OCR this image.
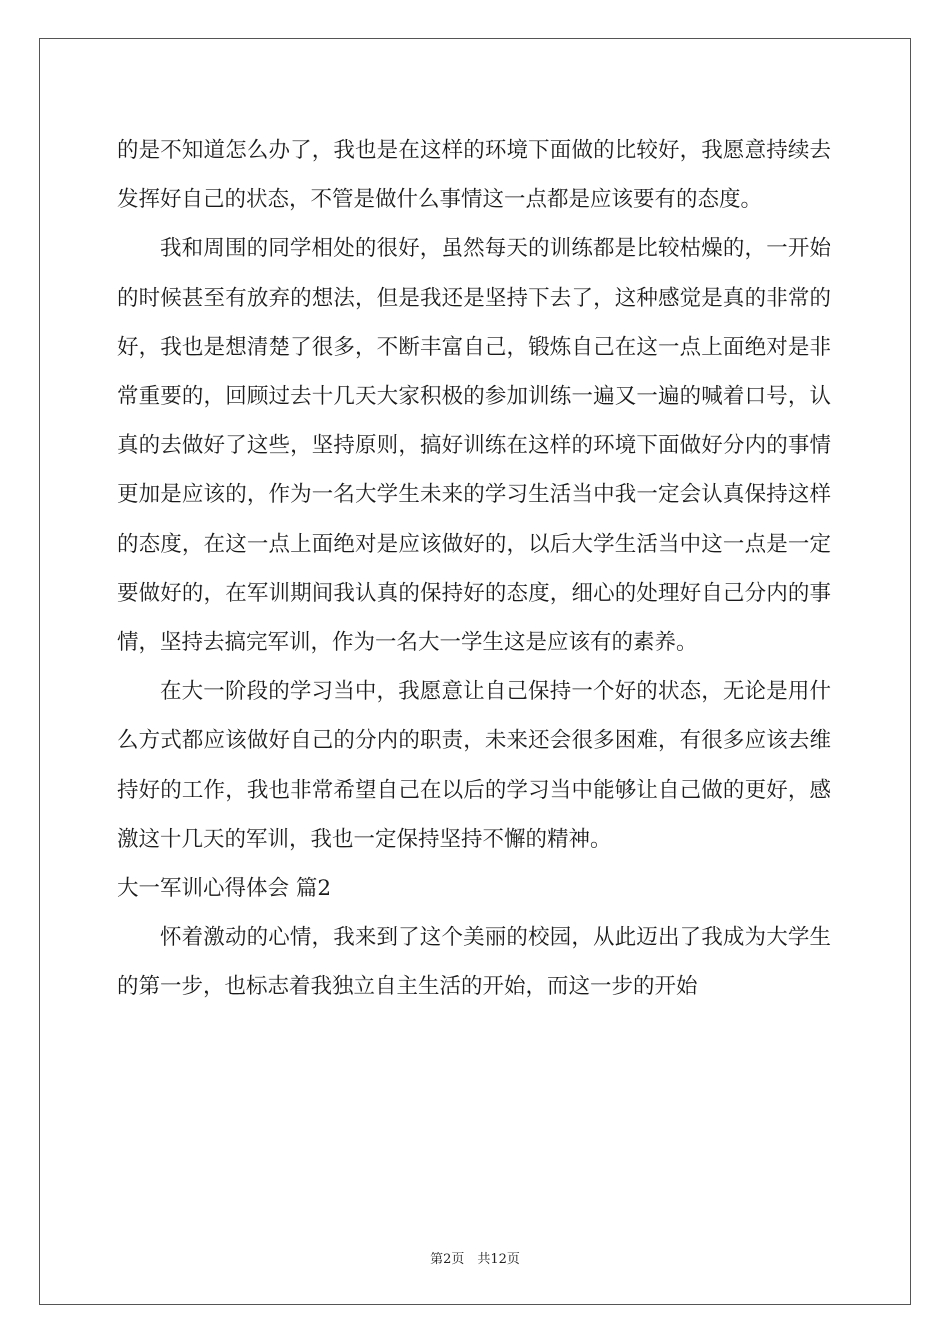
的是不知道怎么办了，我也是在这样的环境下面做的比较好，我愿意持续去发挥好自己的状态，不管是做什么事情这一点都是应该要有的态度。

我和周围的同学相处的很好，虽然每天的训练都是比较枯燥的，一开始的时候甚至有放弃的想法，但是我还是坚持下去了，这种感觉是真的非常的好，我也是想清楚了很多，不断丰富自己，锻炼自己在这一点上面绝对是非常重要的，回顾过去十几天大家积极的参加训练一遍又一遍的喊着口号，认真的去做好了这些，坚持原则，搞好训练在这样的环境下面做好分内的事情更加是应该的，作为一名大学生未来的学习生活当中我一定会认真保持这样的态度，在这一点上面绝对是应该做好的，以后大学生活当中这一点是一定要做好的，在军训期间我认真的保持好的态度，细心的处理好自己分内的事情，坚持去搞完军训，作为一名大一学生这是应该有的素养。

在大一阶段的学习当中，我愿意让自己保持一个好的状态，无论是用什么方式都应该做好自己的分内的职责，未来还会很多困难，有很多应该去维持好的工作，我也非常希望自己在以后的学习当中能够让自己做的更好，感激这十几天的军训，我也一定保持坚持不懈的精神。

大一军训心得体会 篇2

怀着激动的心情，我来到了这个美丽的校园，从此迈出了我成为大学生的第一步，也标志着我独立自主生活的开始，而这一步的开始

第2页　共12页
